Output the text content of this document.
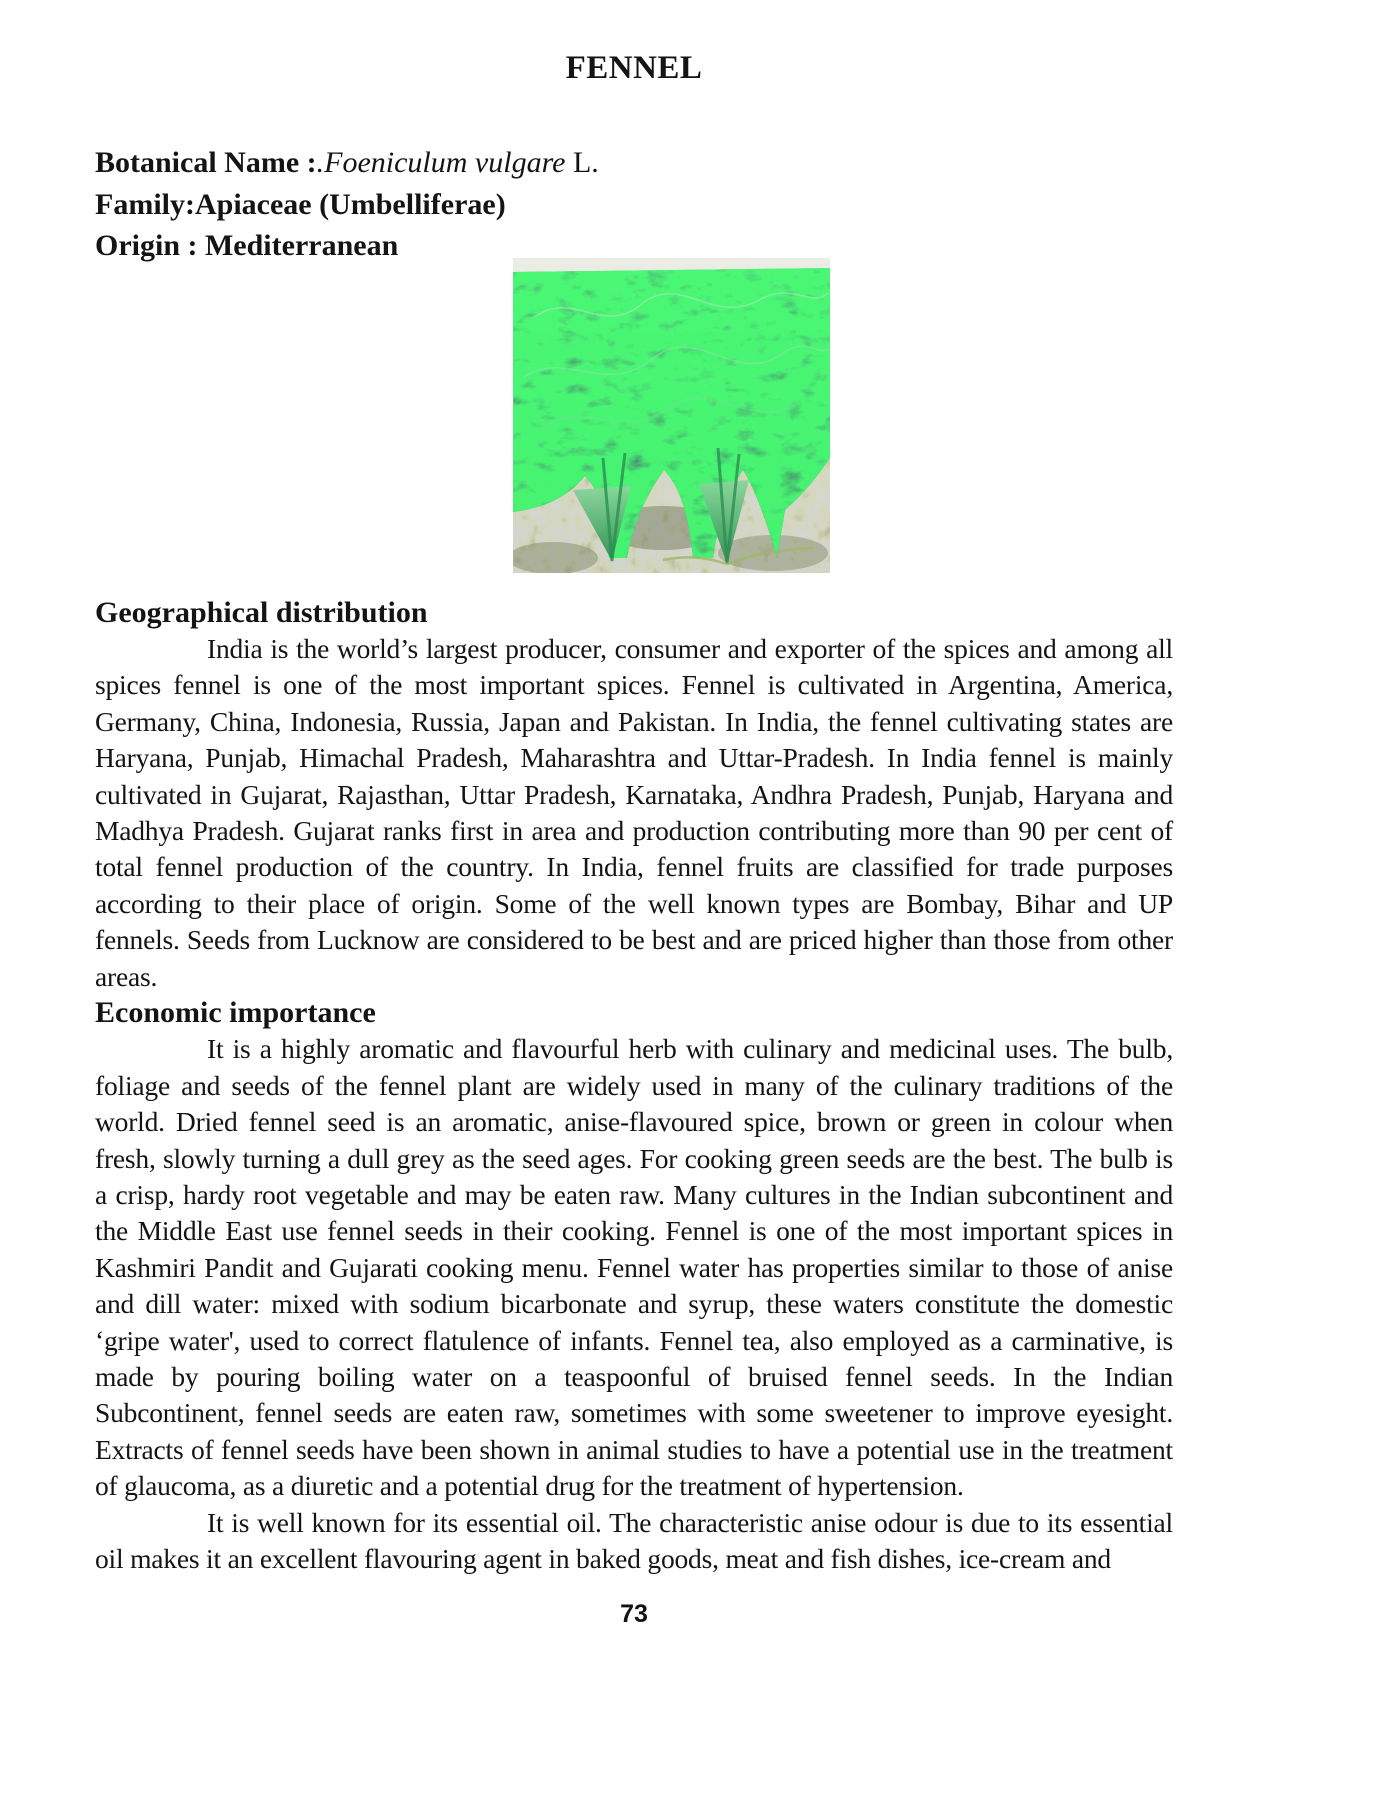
FENNEL

Botanical Name :.Foeniculum vulgare L.

Family:Apiaceae (Umbelliferae)

Origin : Mediterranean

Geographical distribution

India is the world’s largest producer, consumer and exporter of the spices and among all spices fennel is one of the most important spices. Fennel is cultivated in Argentina, America, Germany, China, Indonesia, Russia, Japan and Pakistan. In India, the fennel cultivating states are Haryana, Punjab, Himachal Pradesh, Maharashtra and Uttar-Pradesh. In India fennel is mainly cultivated in Gujarat, Rajasthan, Uttar Pradesh, Karnataka, Andhra Pradesh, Punjab, Haryana and Madhya Pradesh. Gujarat ranks first in area and production contributing more than 90 per cent of total fennel production of the country. In India, fennel fruits are classified for trade purposes according to their place of origin. Some of the well known types are Bombay, Bihar and UP fennels. Seeds from Lucknow are considered to be best and are priced higher than those from other areas.

Economic importance

It is a highly aromatic and flavourful herb with culinary and medicinal uses. The bulb, foliage and seeds of the fennel plant are widely used in many of the culinary traditions of the world. Dried fennel seed is an aromatic, anise-flavoured spice, brown or green in colour when fresh, slowly turning a dull grey as the seed ages. For cooking green seeds are the best. The bulb is a crisp, hardy root vegetable and may be eaten raw. Many cultures in the Indian subcontinent and the Middle East use fennel seeds in their cooking. Fennel is one of the most important spices in Kashmiri Pandit and Gujarati cooking menu. Fennel water has properties similar to those of anise and dill water: mixed with sodium bicarbonate and syrup, these waters constitute the domestic ‘gripe water', used to correct flatulence of infants. Fennel tea, also employed as a carminative, is made by pouring boiling water on a teaspoonful of bruised fennel seeds. In the Indian Subcontinent, fennel seeds are eaten raw, sometimes with some sweetener to improve eyesight. Extracts of fennel seeds have been shown in animal studies to have a potential use in the treatment of glaucoma, as a diuretic and a potential drug for the treatment of hypertension.

It is well known for its essential oil. The characteristic anise odour is due to its essential oil makes it an excellent flavouring agent in baked goods, meat and fish dishes, ice-cream and

73
